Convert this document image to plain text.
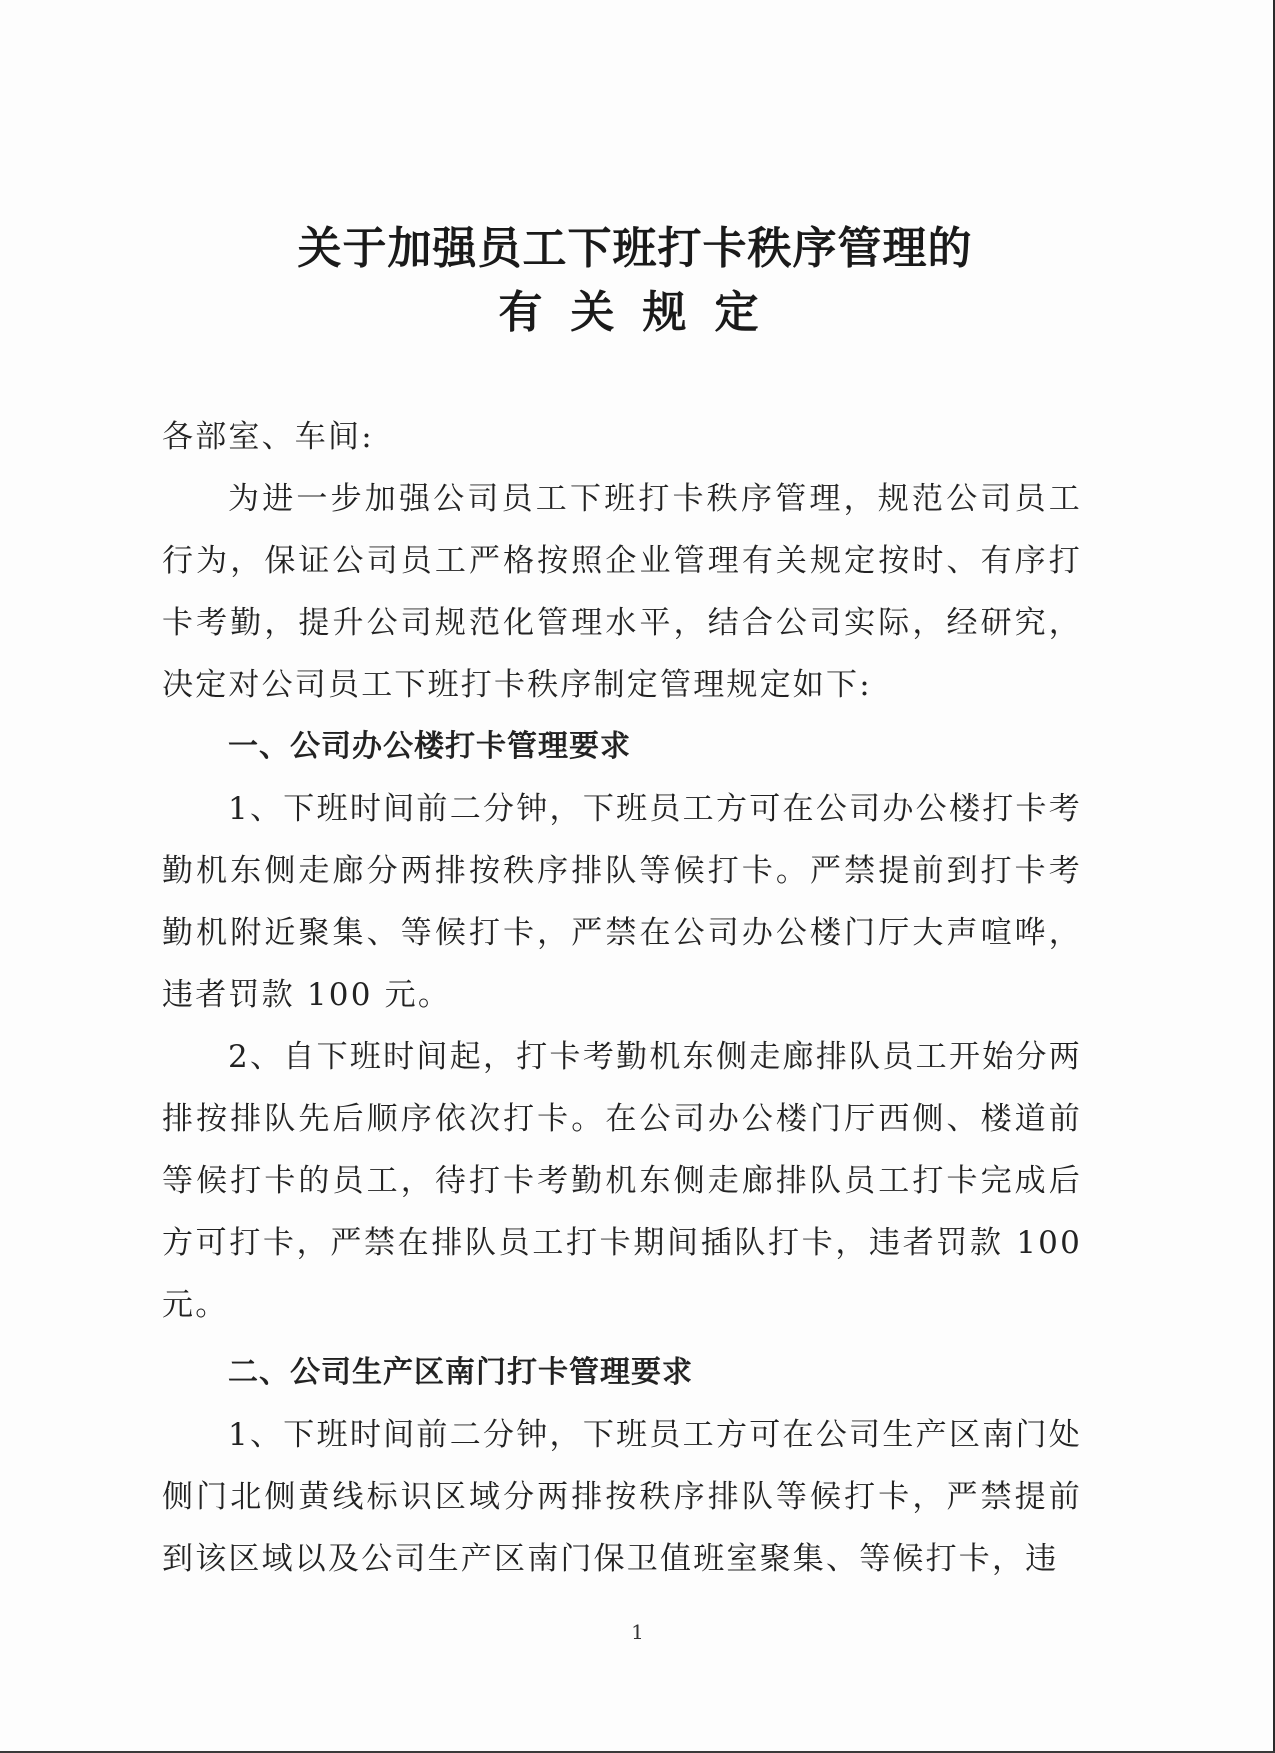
关于加强员工下班打卡秩序管理的
有关规定

各部室、车间:

为进一步加强公司员工下班打卡秩序管理，规范公司员工行为，保证公司员工严格按照企业管理有关规定按时、有序打卡考勤，提升公司规范化管理水平，结合公司实际，经研究，决定对公司员工下班打卡秩序制定管理规定如下:

一、公司办公楼打卡管理要求

1、下班时间前二分钟，下班员工方可在公司办公楼打卡考勤机东侧走廊分两排按秩序排队等候打卡。严禁提前到打卡考勤机附近聚集、等候打卡，严禁在公司办公楼门厅大声喧哗，违者罚款 100 元。

2、自下班时间起，打卡考勤机东侧走廊排队员工开始分两排按排队先后顺序依次打卡。在公司办公楼门厅西侧、楼道前等候打卡的员工，待打卡考勤机东侧走廊排队员工打卡完成后方可打卡，严禁在排队员工打卡期间插队打卡，违者罚款 100 元。

二、公司生产区南门打卡管理要求

1、下班时间前二分钟，下班员工方可在公司生产区南门处侧门北侧黄线标识区域分两排按秩序排队等候打卡，严禁提前到该区域以及公司生产区南门保卫值班室聚集、等候打卡，违

1
